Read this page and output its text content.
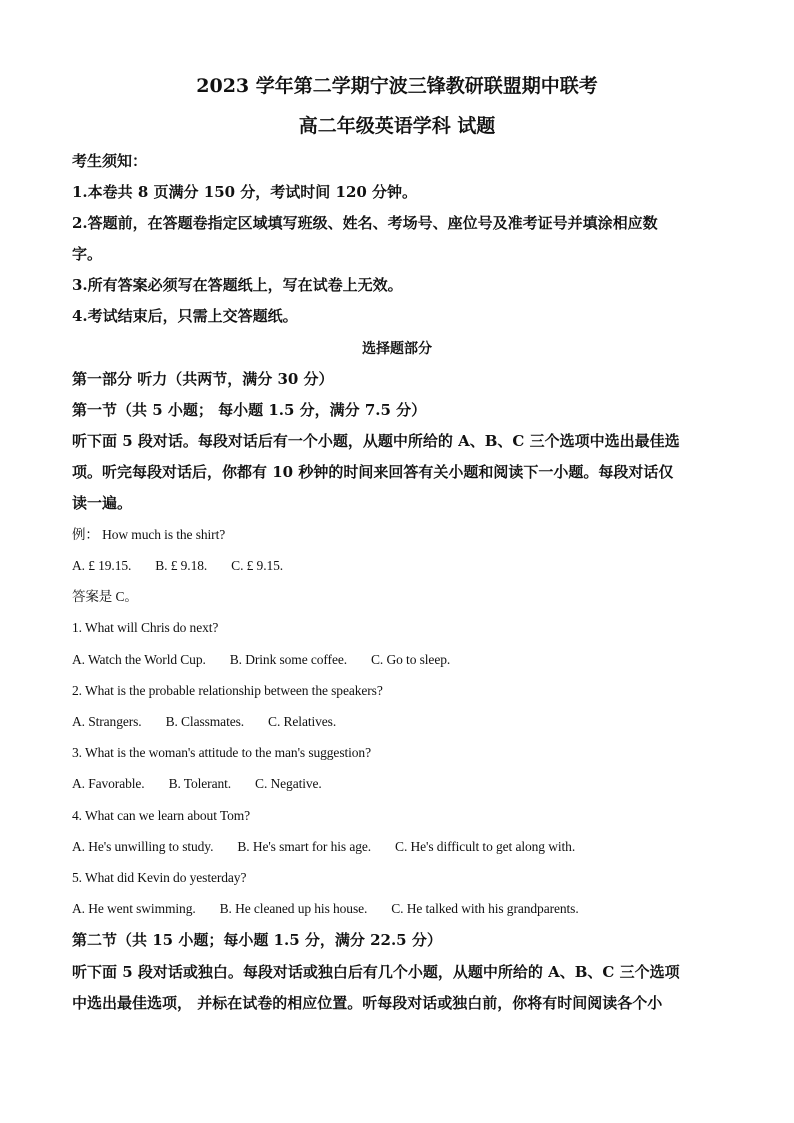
2023 学年第二学期宁波三锋教研联盟期中联考
高二年级英语学科 试题
考生须知：
1.本卷共 8 页满分 150 分，考试时间 120 分钟。
2.答题前，在答题卷指定区域填写班级、姓名、考场号、座位号及准考证号并填涂相应数
字。
3.所有答案必须写在答题纸上，写在试卷上无效。
4.考试结束后，只需上交答题纸。
选择题部分
第一部分 听力（共两节，满分 30 分）
第一节（共 5 小题； 每小题 1.5 分，满分 7.5 分）
听下面 5 段对话。每段对话后有一个小题，从题中所给的 A、B、C 三个选项中选出最佳选
项。听完每段对话后，你都有 10 秒钟的时间来回答有关小题和阅读下一小题。每段对话仅
读一遍。
例： How much is the shirt?
A. £ 19.15. B. £ 9.18. C. £ 9.15.
答案是 C。
1. What will Chris do next?
A. Watch the World Cup. B. Drink some coffee. C. Go to sleep.
2. What is the probable relationship between the speakers?
A. Strangers. B. Classmates. C. Relatives.
3. What is the woman's attitude to the man's suggestion?
A. Favorable. B. Tolerant. C. Negative.
4. What can we learn about Tom?
A. He's unwilling to study. B. He's smart for his age. C. He's difficult to get along with.
5. What did Kevin do yesterday?
A. He went swimming. B. He cleaned up his house. C. He talked with his grandparents.
第二节（共 15 小题；每小题 1.5 分，满分 22.5 分）
听下面 5 段对话或独白。每段对话或独白后有几个小题，从题中所给的 A、B、C 三个选项
中选出最佳选项， 并标在试卷的相应位置。听每段对话或独白前，你将有时间阅读各个小
